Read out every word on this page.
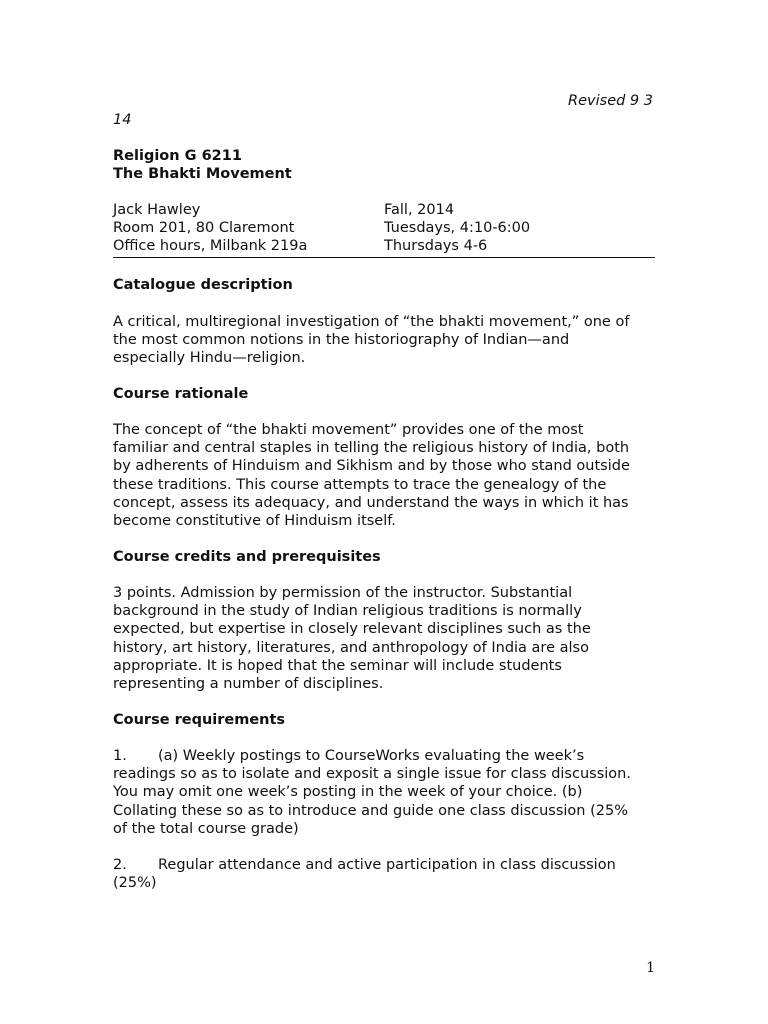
Revised 9 3
14
Religion G 6211
The Bhakti Movement
Jack Hawley
Room 201, 80 Claremont
Office hours, Milbank 219a
Fall, 2014
Tuesdays, 4:10-6:00
Thursdays 4-6
Catalogue description
A critical, multiregional investigation of “the bhakti movement,” one of
the most common notions in the historiography of Indian—and
especially Hindu—religion.
Course rationale
The concept of “the bhakti movement” provides one of the most
familiar and central staples in telling the religious history of India, both
by adherents of Hinduism and Sikhism and by those who stand outside
these traditions. This course attempts to trace the genealogy of the
concept, assess its adequacy, and understand the ways in which it has
become constitutive of Hinduism itself.
Course credits and prerequisites
3 points. Admission by permission of the instructor. Substantial
background in the study of Indian religious traditions is normally
expected, but expertise in closely relevant disciplines such as the
history, art history, literatures, and anthropology of India are also
appropriate. It is hoped that the seminar will include students
representing a number of disciplines.
Course requirements
1. (a) Weekly postings to CourseWorks evaluating the week’s
readings so as to isolate and exposit a single issue for class discussion.
You may omit one week’s posting in the week of your choice. (b)
Collating these so as to introduce and guide one class discussion (25%
of the total course grade)
2. Regular attendance and active participation in class discussion
(25%)
1
